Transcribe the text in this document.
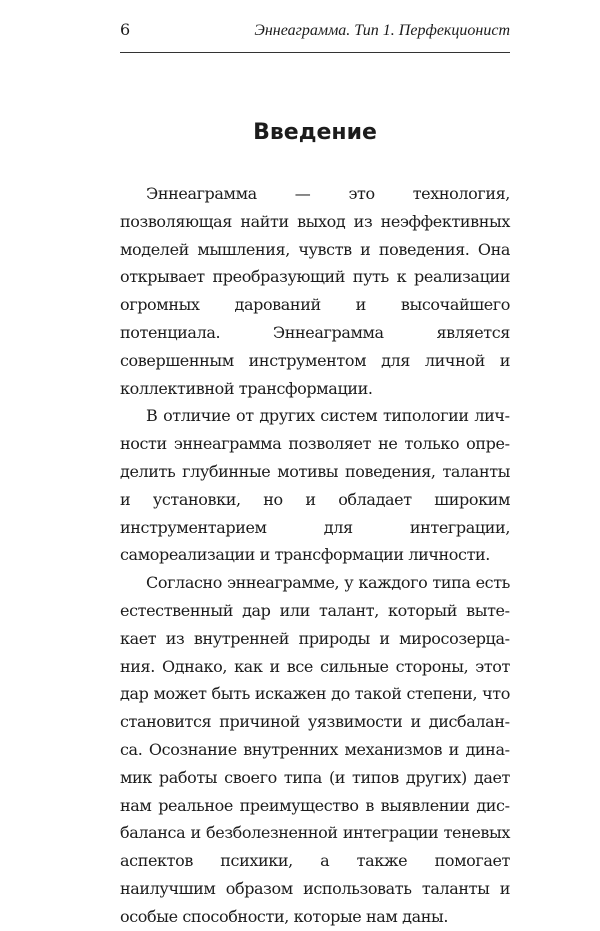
6	Эннеаграмма. Тип 1. Перфекционист
Введение

Эннеаграмма — это технология, позволяющая найти выход из неэффективных моделей мышления, чувств и поведения. Она открывает преобразующий путь к реализации огромных дарований и высочайшего потенциала. Эннеаграмма является совершенным инструментом для личной и коллективной трансформации.

В отличие от других систем типологии личности эннеаграмма позволяет не только определить глубинные мотивы поведения, таланты и установки, но и обладает широким инструментарием для интеграции, самореализации и трансформации личности.

Согласно эннеаграмме, у каждого типа есть естественный дар или талант, который вытекает из внутренней природы и миросозерцания. Однако, как и все сильные стороны, этот дар может быть искажен до такой степени, что становится причиной уязвимости и дисбаланса. Осознание внутренних механизмов и динамик работы своего типа (и типов других) дает нам реальное преимущество в выявлении дисбаланса и безболезненной интеграции теневых аспектов психики, а также помогает наилучшим образом использовать таланты и особые способности, которые нам даны.
